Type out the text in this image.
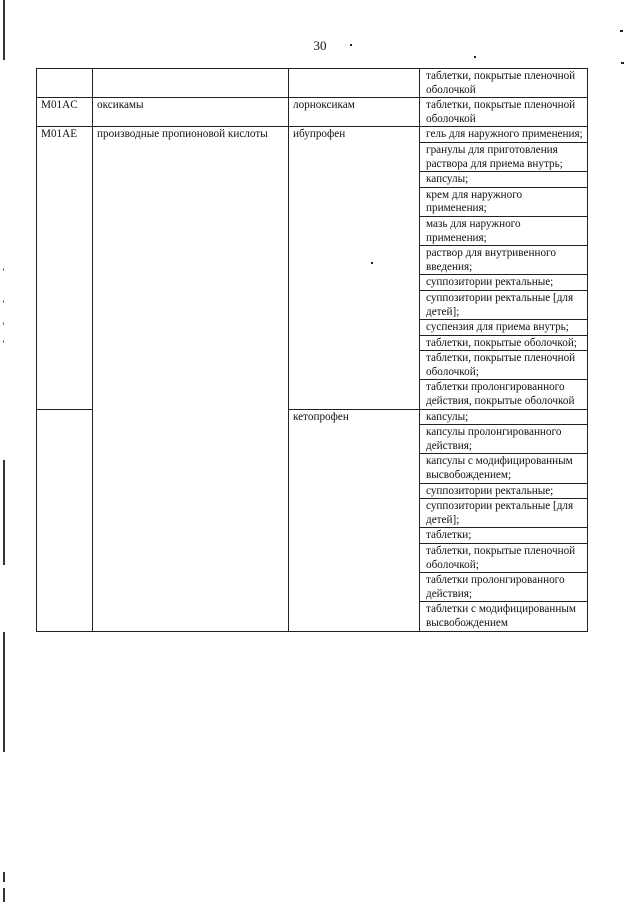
30
			таблетки, покрытые пленочной оболочкой
M01AC	оксикамы	лорноксикам	таблетки, покрытые пленочной оболочкой
M01AE	производные пропионовой кислоты	ибупрофен	гель для наружного применения;
			гранулы для приготовления раствора для приема внутрь;
			капсулы;
			крем для наружного применения;
			мазь для наружного применения;
			раствор для внутривенного введения;
			суппозитории ректальные;
			суппозитории ректальные [для детей];
			суспензия для приема внутрь;
			таблетки, покрытые оболочкой;
			таблетки, покрытые пленочной оболочкой;
			таблетки пролонгированного действия, покрытые оболочкой
		кетопрофен	капсулы;
			капсулы пролонгированного действия;
			капсулы с модифицированным высвобождением;
			суппозитории ректальные;
			суппозитории ректальные [для детей];
			таблетки;
			таблетки, покрытые пленочной оболочкой;
			таблетки пролонгированного действия;
			таблетки с модифицированным высвобождением
